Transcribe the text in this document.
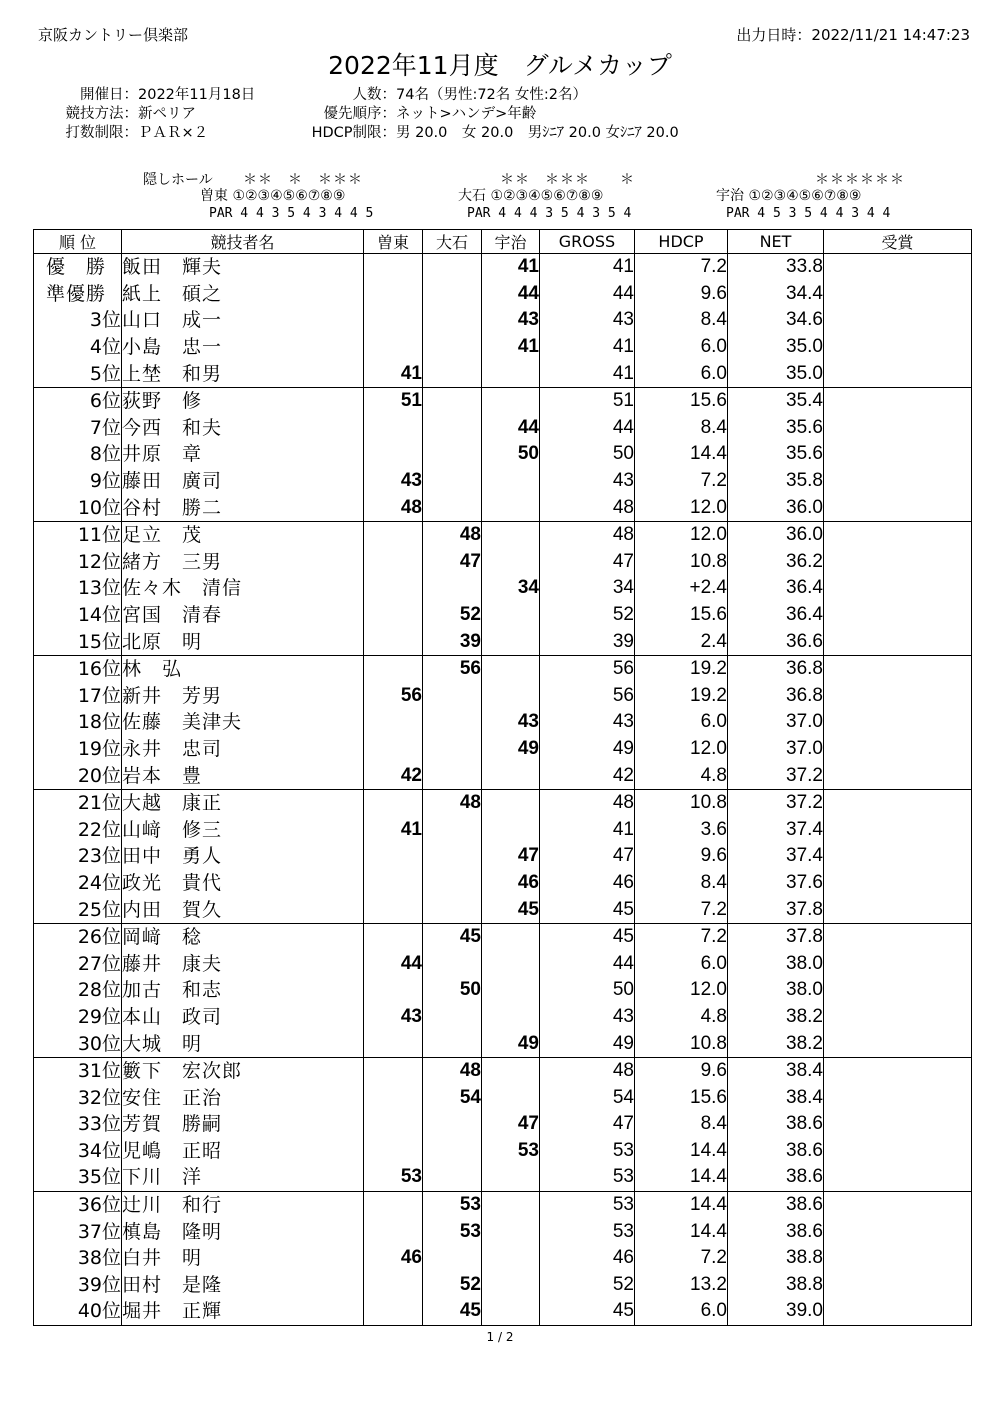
京阪カントリー倶楽部	出力日時：2022/11/21 14:47:23
2022年11月度　グルメカップ
開催日：2022年11月18日
競技方法：新ペリア
打数制限：ＰＡＲ×２
人数：74名（男性:72名 女性:2名）
優先順序：ネット>ハンデ>年齢
HDCP制限：男 20.0　女 20.0　男ｼﾆｱ 20.0 女ｼﾆｱ 20.0
隠しホール ＊＊　＊　＊＊＊
曽東 ①②③④⑤⑥⑦⑧⑨
PAR 4 4 3 5 4 3 4 4 5
＊＊　＊＊＊　　＊
大石 ①②③④⑤⑥⑦⑧⑨
PAR 4 4 4 3 5 4 3 5 4
＊＊＊＊＊＊
宇治 ①②③④⑤⑥⑦⑧⑨
PAR 4 5 3 5 4 4 3 4 4
順 位	競技者名	曽東	大石	宇治	GROSS	HDCP	NET	受賞
優　勝	飯田　輝夫			41	41	7.2	33.8	
準優勝	紙上　碩之			44	44	9.6	34.4	
3位	山口　成一			43	43	8.4	34.6	
4位	小島　忠一			41	41	6.0	35.0	
5位	上埜　和男	41			41	6.0	35.0	
6位	荻野　修	51			51	15.6	35.4	
7位	今西　和夫			44	44	8.4	35.6	
8位	井原　章			50	50	14.4	35.6	
9位	藤田　廣司	43			43	7.2	35.8	
10位	谷村　勝二	48			48	12.0	36.0	
11位	足立　茂		48		48	12.0	36.0	
12位	緒方　三男		47		47	10.8	36.2	
13位	佐々木　清信			34	34	+2.4	36.4	
14位	宮国　清春		52		52	15.6	36.4	
15位	北原　明		39		39	2.4	36.6	
16位	林　弘		56		56	19.2	36.8	
17位	新井　芳男	56			56	19.2	36.8	
18位	佐藤　美津夫			43	43	6.0	37.0	
19位	永井　忠司			49	49	12.0	37.0	
20位	岩本　豊	42			42	4.8	37.2	
21位	大越　康正		48		48	10.8	37.2	
22位	山﨑　修三	41			41	3.6	37.4	
23位	田中　勇人			47	47	9.6	37.4	
24位	政光　貴代			46	46	8.4	37.6	
25位	内田　賀久			45	45	7.2	37.8	
26位	岡﨑　稔		45		45	7.2	37.8	
27位	藤井　康夫	44			44	6.0	38.0	
28位	加古　和志		50		50	12.0	38.0	
29位	本山　政司	43			43	4.8	38.2	
30位	大城　明			49	49	10.8	38.2	
31位	籔下　宏次郎		48		48	9.6	38.4	
32位	安住　正治		54		54	15.6	38.4	
33位	芳賀　勝嗣			47	47	8.4	38.6	
34位	児嶋　正昭			53	53	14.4	38.6	
35位	下川　洋	53			53	14.4	38.6	
36位	辻川　和行		53		53	14.4	38.6	
37位	槙島　隆明		53		53	14.4	38.6	
38位	白井　明	46			46	7.2	38.8	
39位	田村　是隆		52		52	13.2	38.8	
40位	堀井　正輝		45		45	6.0	39.0	
1 / 2
